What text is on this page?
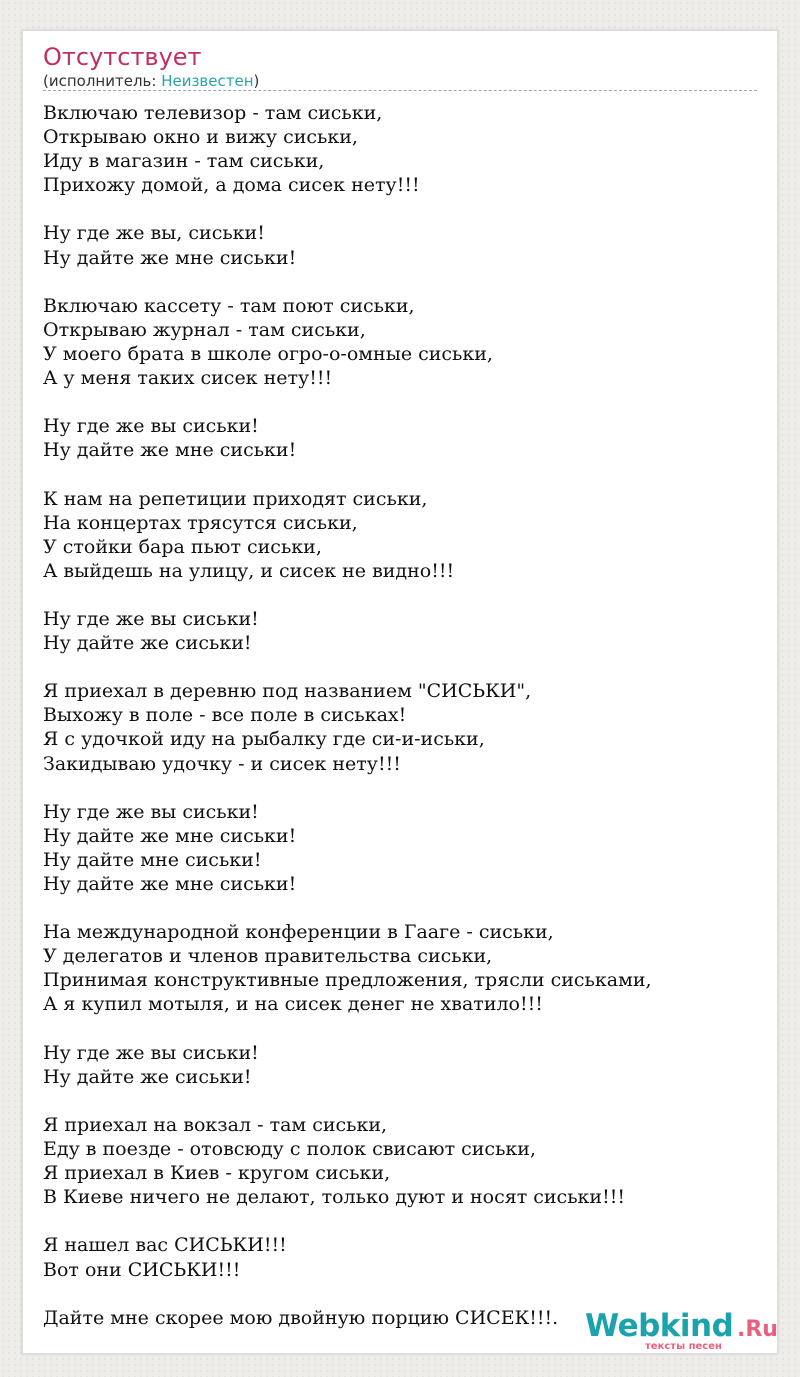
Отсутствует
(исполнитель: Неизвестен)
Включаю телевизор - там сиськи,
Открываю окно и вижу сиськи,
Иду в магазин - там сиськи,
Прихожу домой, а дома сисек нету!!!
Ну где же вы, сиськи!
Ну дайте же мне сиськи!
Включаю кассету - там поют сиськи,
Открываю журнал - там сиськи,
У моего брата в школе огро-о-омные сиськи,
А у меня таких сисек нету!!!
Ну где же вы сиськи!
Ну дайте же мне сиськи!
К нам на репетиции приходят сиськи,
На концертах трясутся сиськи,
У стойки бара пьют сиськи,
А выйдешь на улицу, и сисек не видно!!!
Ну где же вы сиськи!
Ну дайте же сиськи!
Я приехал в деревню под названием "СИСЬКИ",
Выхожу в поле - все поле в сиськах!
Я с удочкой иду на рыбалку где си-и-иськи,
Закидываю удочку - и сисек нету!!!
Ну где же вы сиськи!
Ну дайте же мне сиськи!
Ну дайте мне сиськи!
Ну дайте же мне сиськи!
На международной конференции в Гааге - сиськи,
У делегатов и членов правительства сиськи,
Принимая конструктивные предложения, трясли сиськами,
А я купил мотыля, и на сисек денег не хватило!!!
Ну где же вы сиськи!
Ну дайте же сиськи!
Я приехал на вокзал - там сиськи,
Еду в поезде - отовсюду с полок свисают сиськи,
Я приехал в Киев - кругом сиськи,
В Киеве ничего не делают, только дуют и носят сиськи!!!
Я нашел вас СИСЬКИ!!!
Вот они СИСЬКИ!!!
Дайте мне скорее мою двойную порцию СИСЕК!!!. Webkind .Ru
тексты песен
